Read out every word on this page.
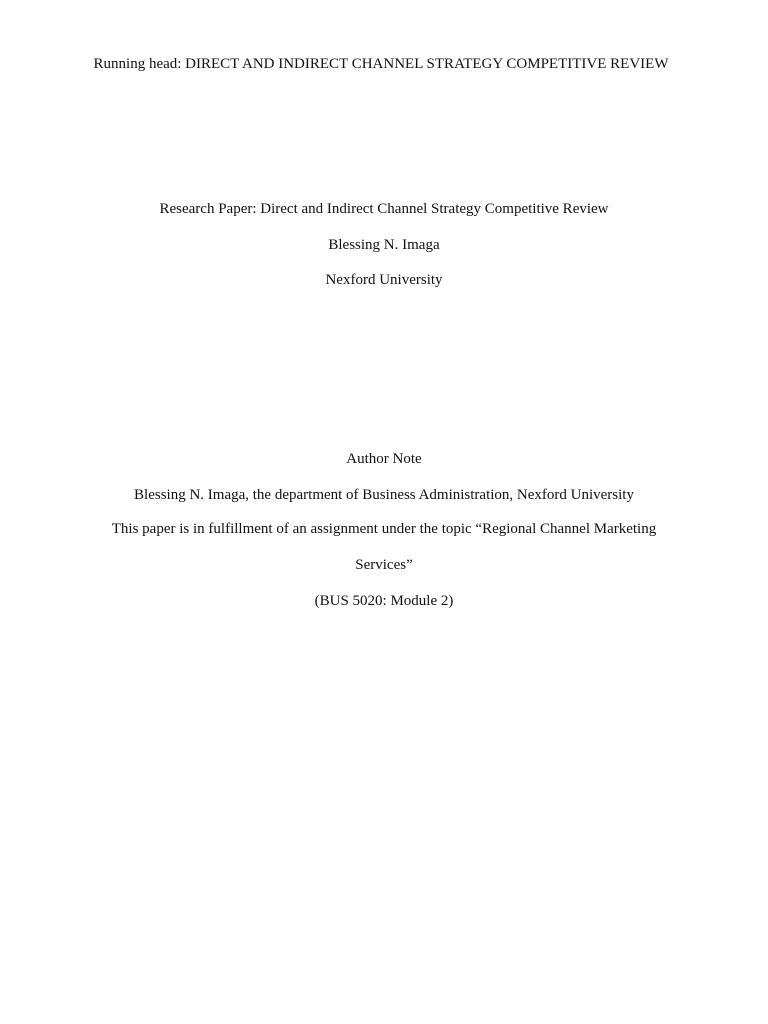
Running head: DIRECT AND INDIRECT CHANNEL STRATEGY COMPETITIVE REVIEW
Research Paper: Direct and Indirect Channel Strategy Competitive Review
Blessing N. Imaga
Nexford University
Author Note
Blessing N. Imaga, the department of Business Administration, Nexford University
This paper is in fulfillment of an assignment under the topic “Regional Channel Marketing Services”
(BUS 5020: Module 2)
